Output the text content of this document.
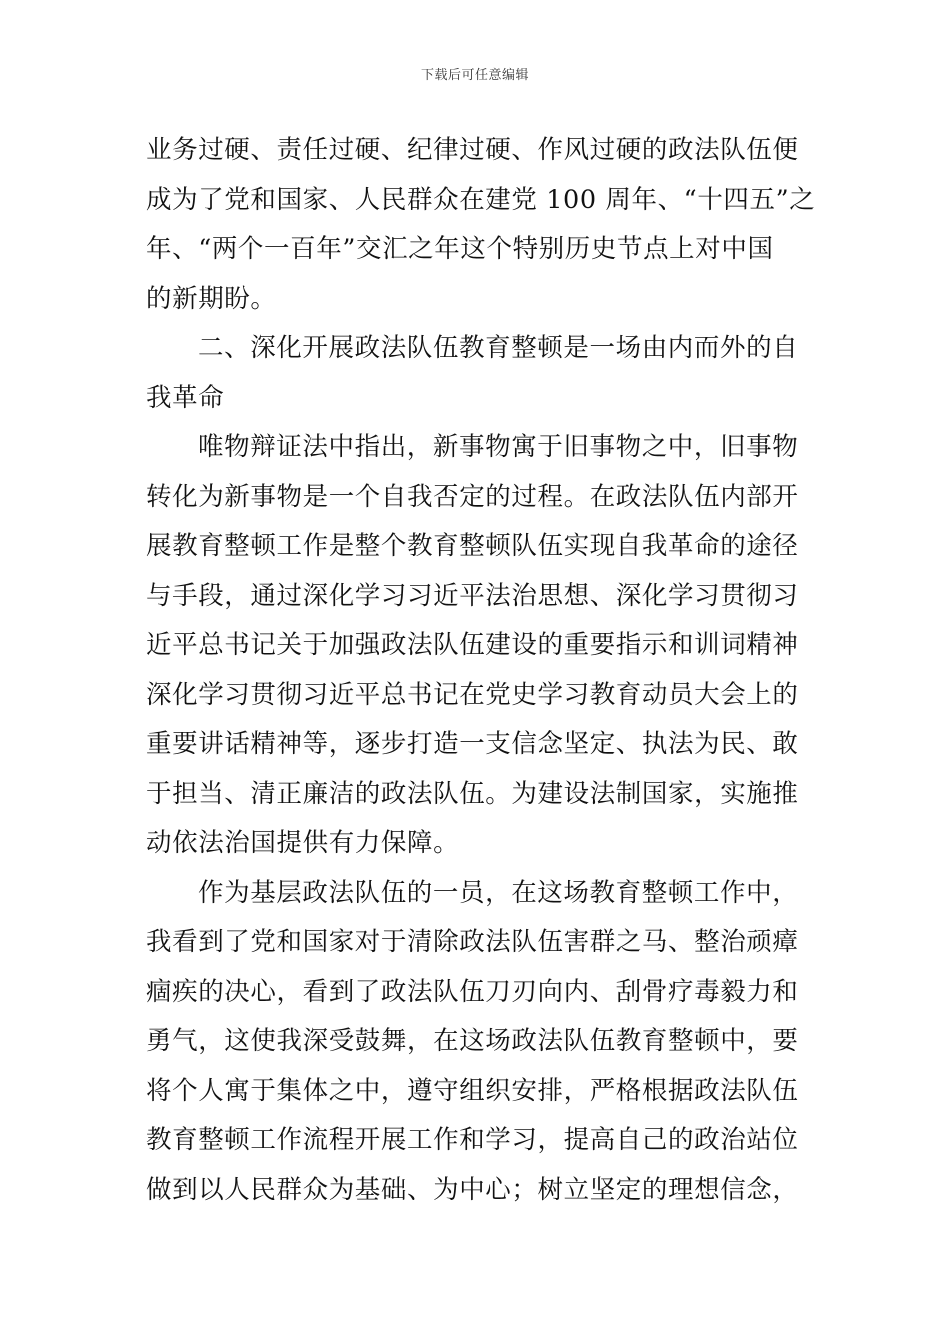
下载后可任意编辑
业务过硬、责任过硬、纪律过硬、作风过硬的政法队伍便
成为了党和国家、人民群众在建党 100 周年、“十四五”之
年、“两个一百年”交汇之年这个特别历史节点上对中国
的新期盼。
二、深化开展政法队伍教育整顿是一场由内而外的自
我革命
唯物辩证法中指出，新事物寓于旧事物之中，旧事物
转化为新事物是一个自我否定的过程。在政法队伍内部开
展教育整顿工作是整个教育整顿队伍实现自我革命的途径
与手段，通过深化学习习近平法治思想、深化学习贯彻习
近平总书记关于加强政法队伍建设的重要指示和训词精神
深化学习贯彻习近平总书记在党史学习教育动员大会上的
重要讲话精神等，逐步打造一支信念坚定、执法为民、敢
于担当、清正廉洁的政法队伍。为建设法制国家，实施推
动依法治国提供有力保障。
作为基层政法队伍的一员，在这场教育整顿工作中，
我看到了党和国家对于清除政法队伍害群之马、整治顽瘴
痼疾的决心，看到了政法队伍刀刃向内、刮骨疗毒毅力和
勇气，这使我深受鼓舞，在这场政法队伍教育整顿中，要
将个人寓于集体之中，遵守组织安排，严格根据政法队伍
教育整顿工作流程开展工作和学习，提高自己的政治站位
做到以人民群众为基础、为中心；树立坚定的理想信念，
